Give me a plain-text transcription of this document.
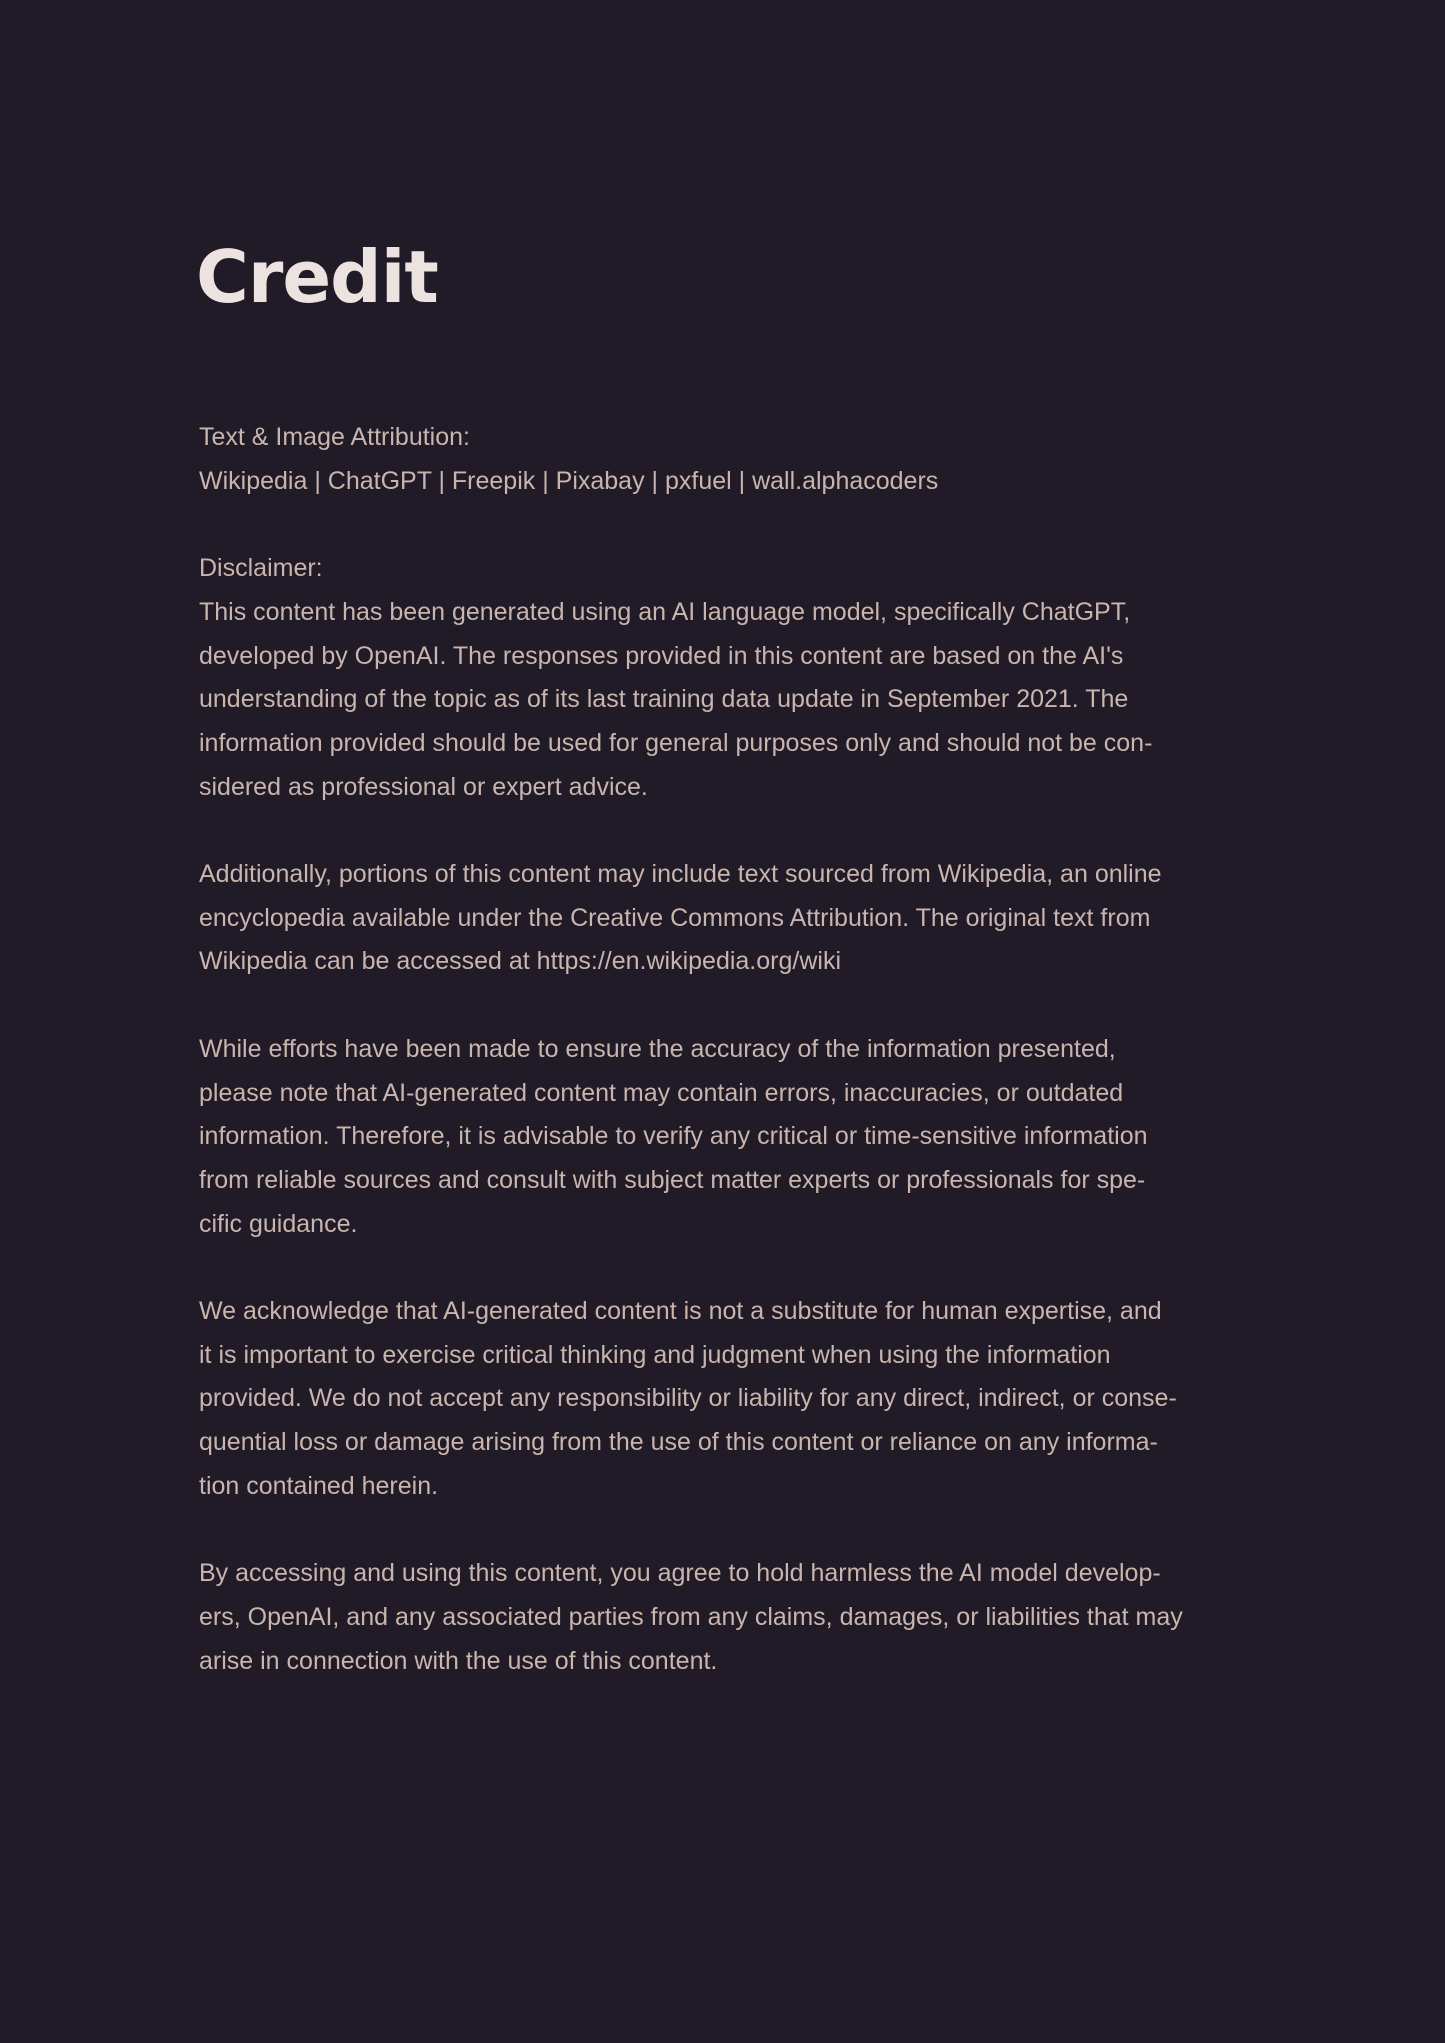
Credit

Text & Image Attribution:
Wikipedia | ChatGPT | Freepik | Pixabay | pxfuel | wall.alphacoders

Disclaimer:
This content has been generated using an AI language model, specifically ChatGPT,
developed by OpenAI. The responses provided in this content are based on the AI's
understanding of the topic as of its last training data update in September 2021. The
information provided should be used for general purposes only and should not be con-
sidered as professional or expert advice.

Additionally, portions of this content may include text sourced from Wikipedia, an online
encyclopedia available under the Creative Commons Attribution. The original text from
Wikipedia can be accessed at https://en.wikipedia.org/wiki

While efforts have been made to ensure the accuracy of the information presented,
please note that AI-generated content may contain errors, inaccuracies, or outdated
information. Therefore, it is advisable to verify any critical or time-sensitive information
from reliable sources and consult with subject matter experts or professionals for spe-
cific guidance.

We acknowledge that AI-generated content is not a substitute for human expertise, and
it is important to exercise critical thinking and judgment when using the information
provided. We do not accept any responsibility or liability for any direct, indirect, or conse-
quential loss or damage arising from the use of this content or reliance on any informa-
tion contained herein.

By accessing and using this content, you agree to hold harmless the AI model develop-
ers, OpenAI, and any associated parties from any claims, damages, or liabilities that may
arise in connection with the use of this content.
